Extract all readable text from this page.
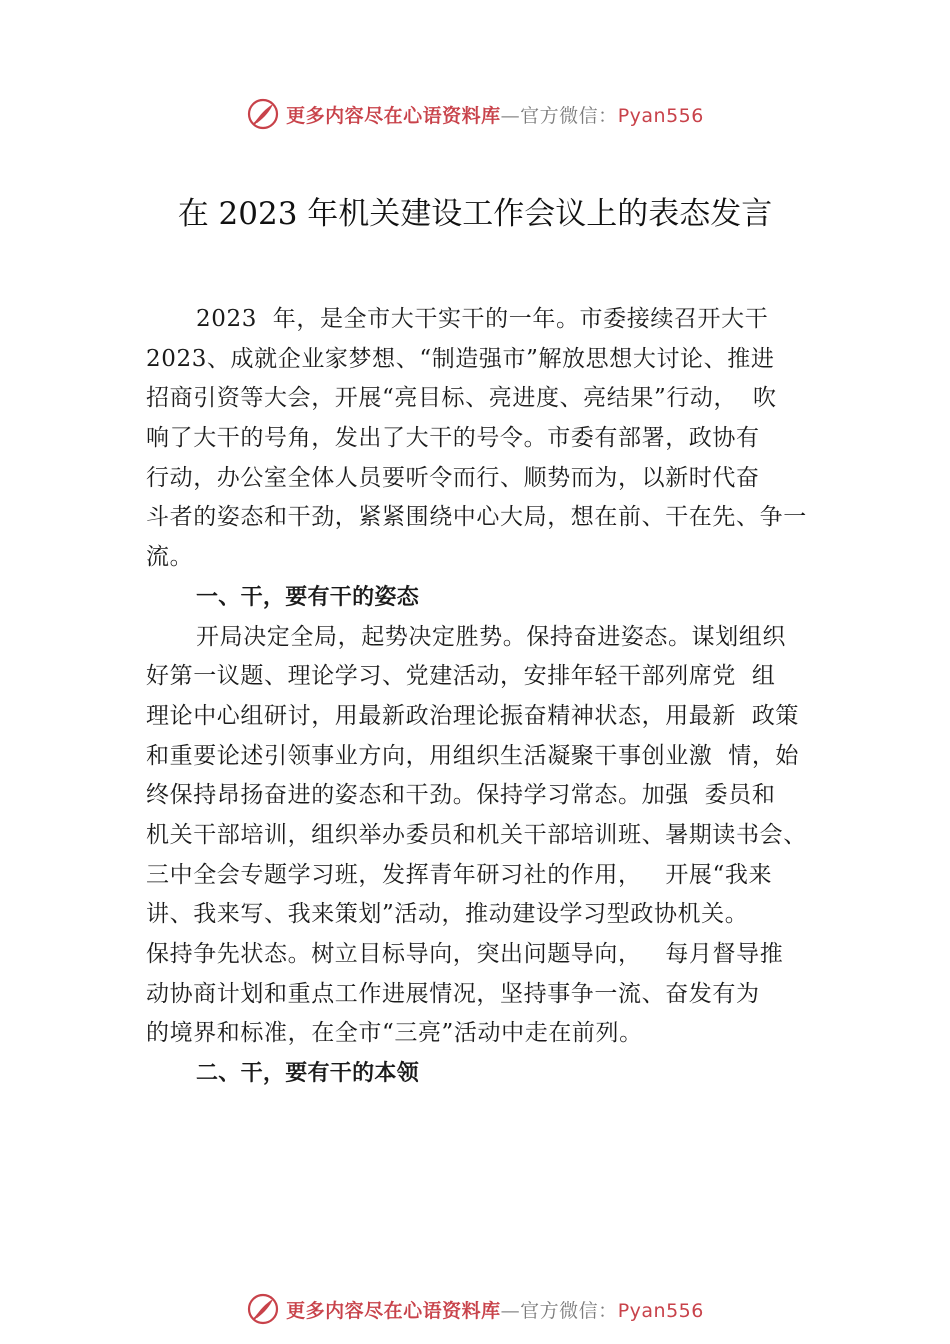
更多内容尽在心语资料库—官方微信：Pyan556
在 2023 年机关建设工作会议上的表态发言
2023  年，是全市大干实干的一年。市委接续召开大干
2023、成就企业家梦想、“制造强市”解放思想大讨论、推进
招商引资等大会，开展“亮目标、亮进度、亮结果”行动，  吹
响了大干的号角，发出了大干的号令。市委有部署，政协有
行动，办公室全体人员要听令而行、顺势而为，以新时代奋
斗者的姿态和干劲，紧紧围绕中心大局，想在前、干在先、争一
流。
一、干，要有干的姿态
开局决定全局，起势决定胜势。保持奋进姿态。谋划组织
好第一议题、理论学习、党建活动，安排年轻干部列席党  组
理论中心组研讨，用最新政治理论振奋精神状态，用最新  政策
和重要论述引领事业方向，用组织生活凝聚干事创业激  情，始
终保持昂扬奋进的姿态和干劲。保持学习常态。加强  委员和
机关干部培训，组织举办委员和机关干部培训班、暑期读书会、
三中全会专题学习班，发挥青年研习社的作用，   开展“我来
讲、我来写、我来策划”活动，推动建设学习型政协机关。
保持争先状态。树立目标导向，突出问题导向，   每月督导推
动协商计划和重点工作进展情况，坚持事争一流、奋发有为
的境界和标准，在全市“三亮”活动中走在前列。
二、干，要有干的本领
更多内容尽在心语资料库—官方微信：Pyan556
